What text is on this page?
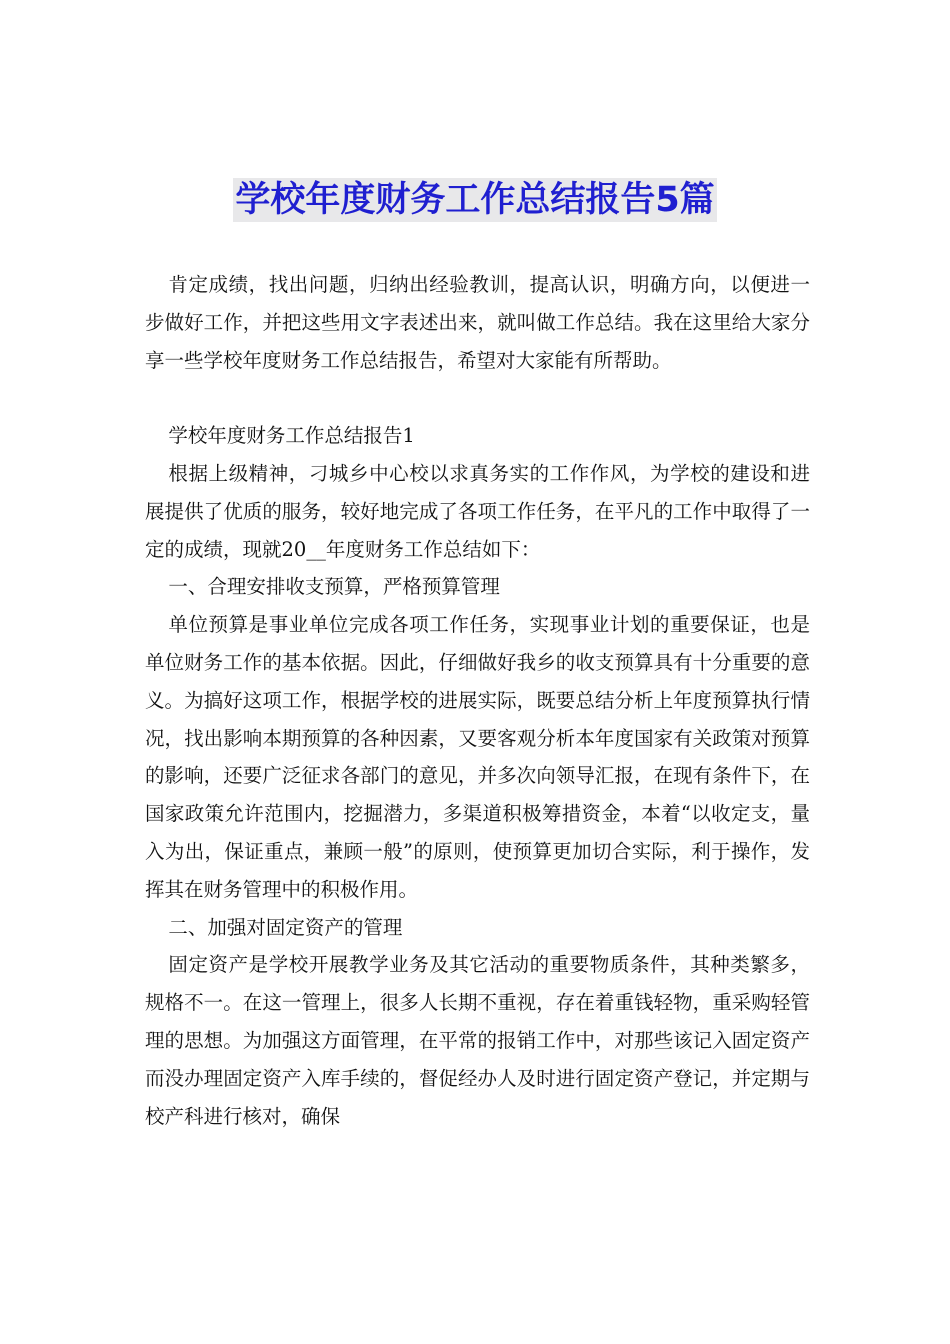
学校年度财务工作总结报告5篇

肯定成绩，找出问题，归纳出经验教训，提高认识，明确方向，以便进一步做好工作，并把这些用文字表述出来，就叫做工作总结。我在这里给大家分享一些学校年度财务工作总结报告，希望对大家能有所帮助。

学校年度财务工作总结报告1

根据上级精神，刁城乡中心校以求真务实的工作作风，为学校的建设和进展提供了优质的服务，较好地完成了各项工作任务，在平凡的工作中取得了一定的成绩，现就20__年度财务工作总结如下：

一、合理安排收支预算，严格预算管理

单位预算是事业单位完成各项工作任务，实现事业计划的重要保证，也是单位财务工作的基本依据。因此，仔细做好我乡的收支预算具有十分重要的意义。为搞好这项工作，根据学校的进展实际，既要总结分析上年度预算执行情况，找出影响本期预算的各种因素，又要客观分析本年度国家有关政策对预算的影响，还要广泛征求各部门的意见，并多次向领导汇报，在现有条件下，在国家政策允许范围内，挖掘潜力，多渠道积极筹措资金，本着“以收定支，量入为出，保证重点，兼顾一般”的原则，使预算更加切合实际，利于操作，发挥其在财务管理中的积极作用。

二、加强对固定资产的管理

固定资产是学校开展教学业务及其它活动的重要物质条件，其种类繁多，规格不一。在这一管理上，很多人长期不重视，存在着重钱轻物，重采购轻管理的思想。为加强这方面管理，在平常的报销工作中，对那些该记入固定资产而没办理固定资产入库手续的，督促经办人及时进行固定资产登记，并定期与校产科进行核对，确保
